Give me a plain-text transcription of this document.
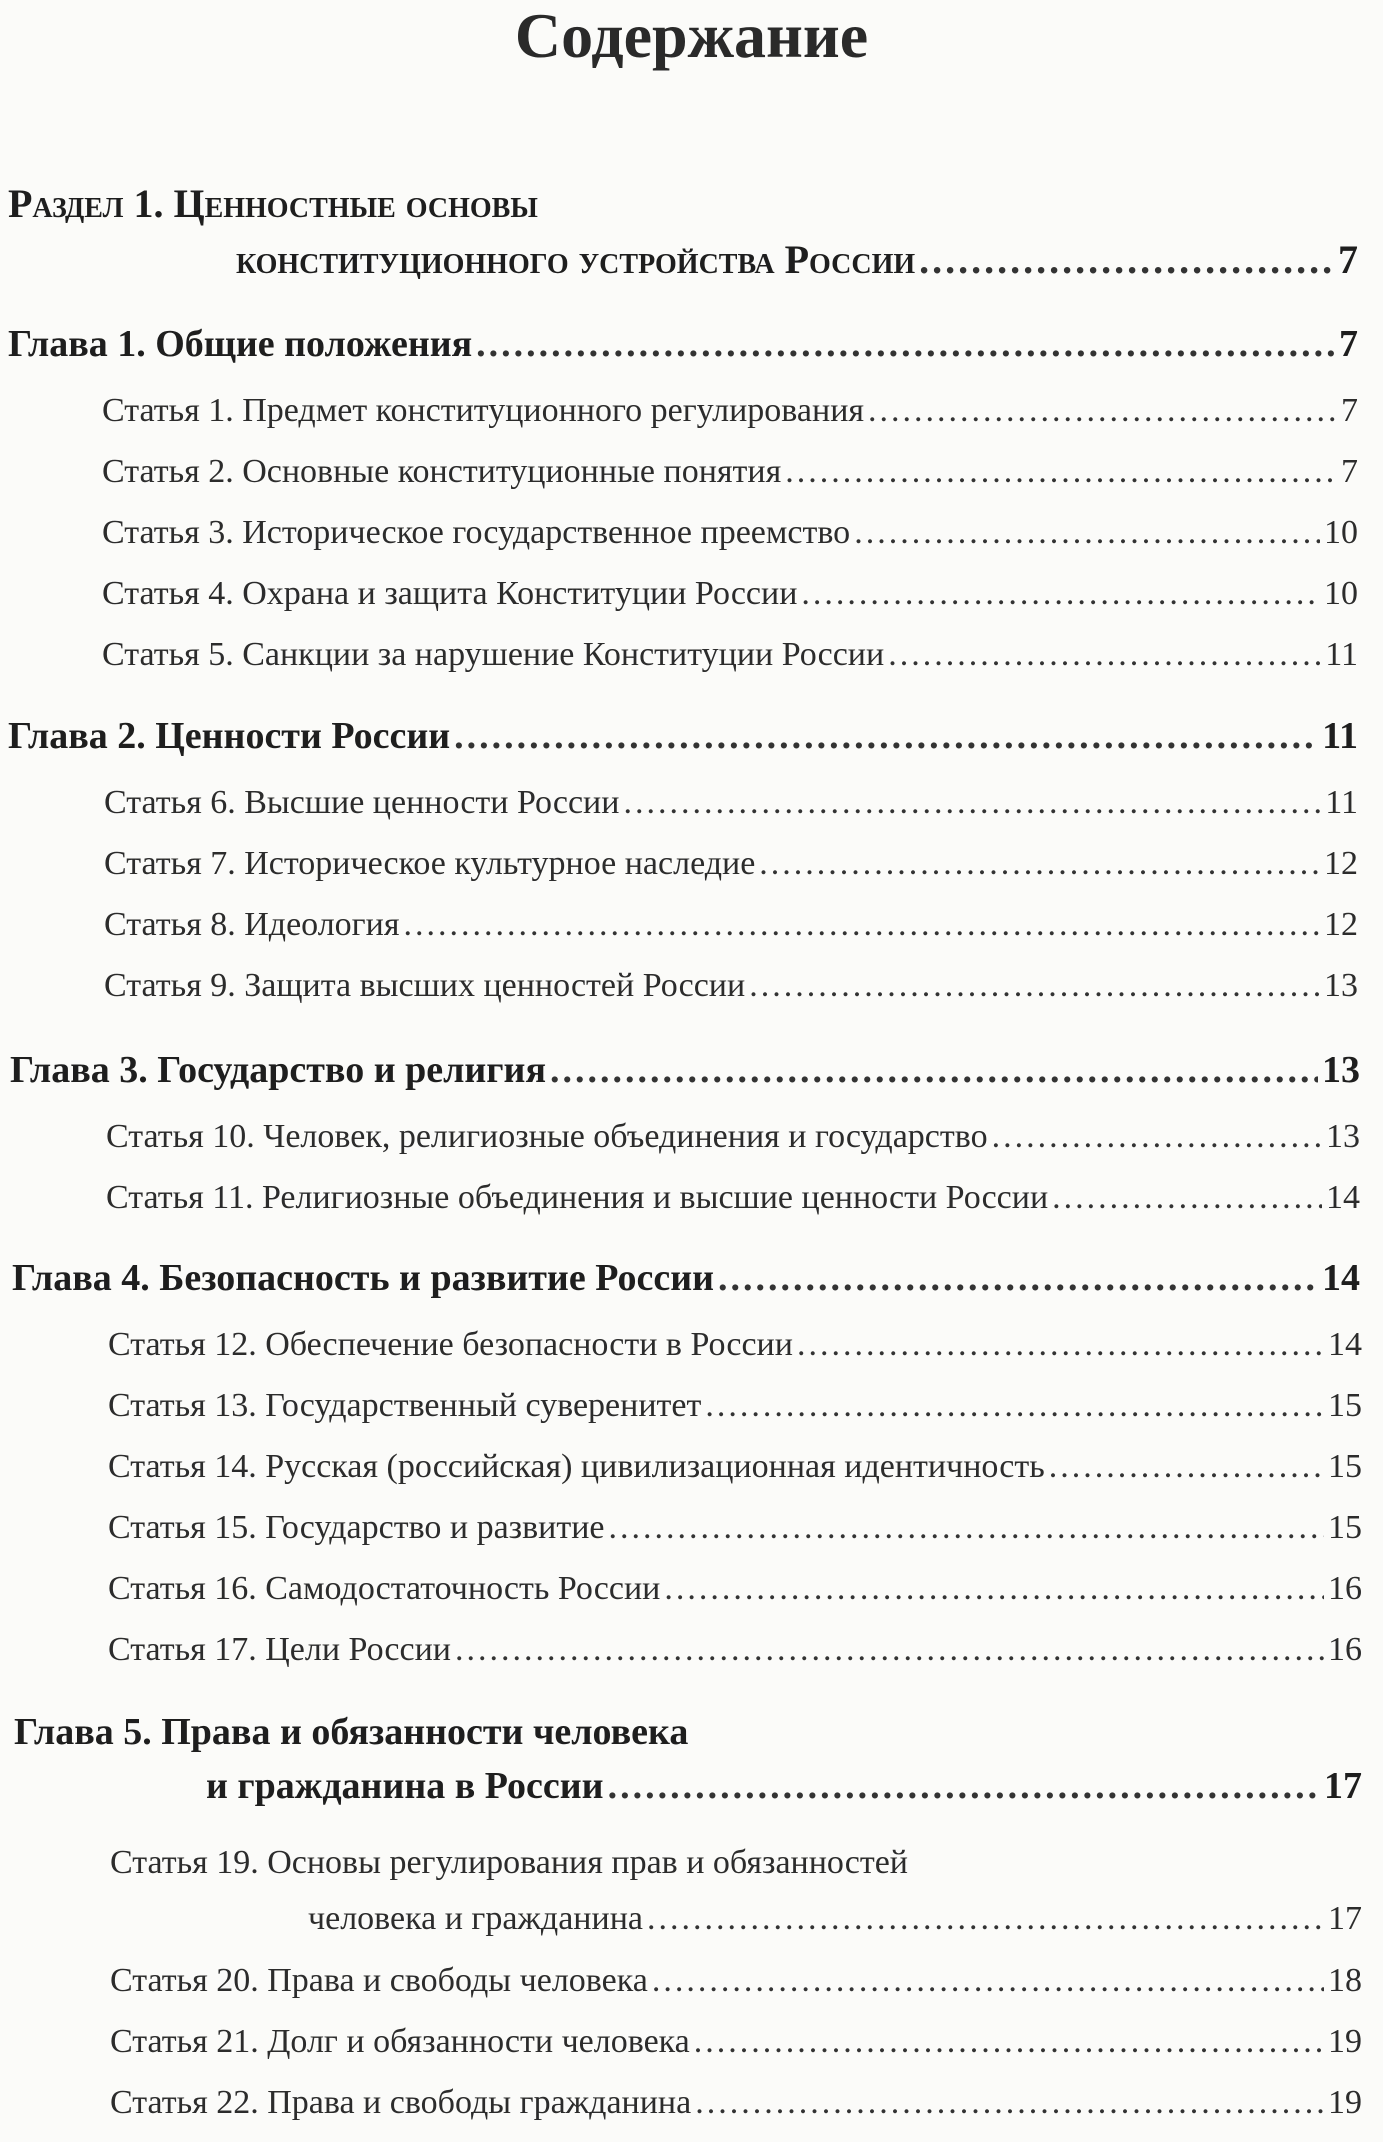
Содержание
Раздел 1. Ценностные основы
конституционного устройства России .....	7
Глава 1. Общие положения .....	7
Статья 1. Предмет конституционного регулирования .....	7
Статья 2. Основные конституционные понятия .....	7
Статья 3. Историческое государственное преемство .....	10
Статья 4. Охрана и защита Конституции России .....	10
Статья 5. Санкции за нарушение Конституции России .....	11
Глава 2. Ценности России .....	11
Статья 6. Высшие ценности России .....	11
Статья 7. Историческое культурное наследие .....	12
Статья 8. Идеология .....	12
Статья 9. Защита высших ценностей России .....	13
Глава 3. Государство и религия .....	13
Статья 10. Человек, религиозные объединения и государство .....	13
Статья 11. Религиозные объединения и высшие ценности России .....	14
Глава 4. Безопасность и развитие России .....	14
Статья 12. Обеспечение безопасности в России .....	14
Статья 13. Государственный суверенитет .....	15
Статья 14. Русская (российская) цивилизационная идентичность .....	15
Статья 15. Государство и развитие .....	15
Статья 16. Самодостаточность России .....	16
Статья 17. Цели России .....	16
Глава 5. Права и обязанности человека
и гражданина в России .....	17
Статья 19. Основы регулирования прав и обязанностей
человека и гражданина .....	17
Статья 20. Права и свободы человека .....	18
Статья 21. Долг и обязанности человека .....	19
Статья 22. Права и свободы гражданина .....	19
